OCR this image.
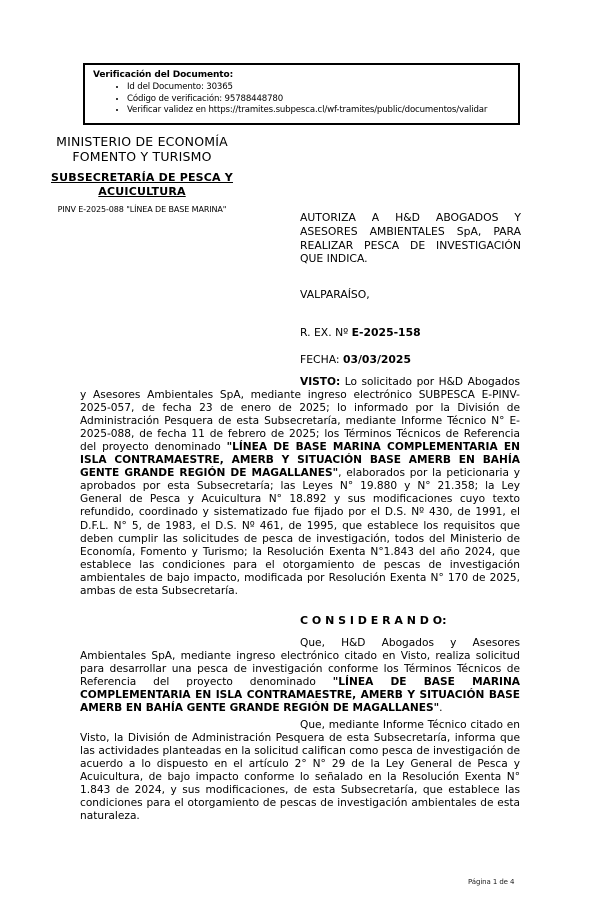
Verificación del Documento:
• Id del Documento: 30365
• Código de verificación: 95788448780
• Verificar validez en https://tramites.subpesca.cl/wf-tramites/public/documentos/validar
MINISTERIO DE ECONOMÍA
FOMENTO Y TURISMO
SUBSECRETARÍA DE PESCA Y ACUICULTURA
PINV E-2025-088 "LÍNEA DE BASE MARINA"
AUTORIZA A H&D ABOGADOS Y ASESORES AMBIENTALES SpA, PARA REALIZAR PESCA DE INVESTIGACIÓN QUE INDICA.
VALPARAÍSO,
R. EX. Nº E-2025-158
FECHA: 03/03/2025

VISTO: Lo solicitado por H&D Abogados y Asesores Ambientales SpA, mediante ingreso electrónico SUBPESCA E-PINV-2025-057, de fecha 23 de enero de 2025; lo informado por la División de Administración Pesquera de esta Subsecretaría, mediante Informe Técnico N° E-2025-088, de fecha 11 de febrero de 2025; los Términos Técnicos de Referencia del proyecto denominado "LÍNEA DE BASE MARINA COMPLEMENTARIA EN ISLA CONTRAMAESTRE, AMERB Y SITUACIÓN BASE AMERB EN BAHÍA GENTE GRANDE REGIÓN DE MAGALLANES", elaborados por la peticionaria y aprobados por esta Subsecretaría; las Leyes N° 19.880 y N° 21.358; la Ley General de Pesca y Acuicultura N° 18.892 y sus modificaciones cuyo texto refundido, coordinado y sistematizado fue fijado por el D.S. Nº 430, de 1991, el D.F.L. N° 5, de 1983, el D.S. Nº 461, de 1995, que establece los requisitos que deben cumplir las solicitudes de pesca de investigación, todos del Ministerio de Economía, Fomento y Turismo; la Resolución Exenta N°1.843 del año 2024, que establece las condiciones para el otorgamiento de pescas de investigación ambientales de bajo impacto, modificada por Resolución Exenta N° 170 de 2025, ambas de esta Subsecretaría.

C O N S I D E R A N D O:

Que, H&D Abogados y Asesores Ambientales SpA, mediante ingreso electrónico citado en Visto, realiza solicitud para desarrollar una pesca de investigación conforme los Términos Técnicos de Referencia del proyecto denominado "LÍNEA DE BASE MARINA COMPLEMENTARIA EN ISLA CONTRAMAESTRE, AMERB Y SITUACIÓN BASE AMERB EN BAHÍA GENTE GRANDE REGIÓN DE MAGALLANES".

Que, mediante Informe Técnico citado en Visto, la División de Administración Pesquera de esta Subsecretaría, informa que las actividades planteadas en la solicitud califican como pesca de investigación de acuerdo a lo dispuesto en el artículo 2° N° 29 de la Ley General de Pesca y Acuicultura, de bajo impacto conforme lo señalado en la Resolución Exenta N° 1.843 de 2024, y sus modificaciones, de esta Subsecretaría, que establece las condiciones para el otorgamiento de pescas de investigación ambientales de esta naturaleza.

Página 1 de 4
